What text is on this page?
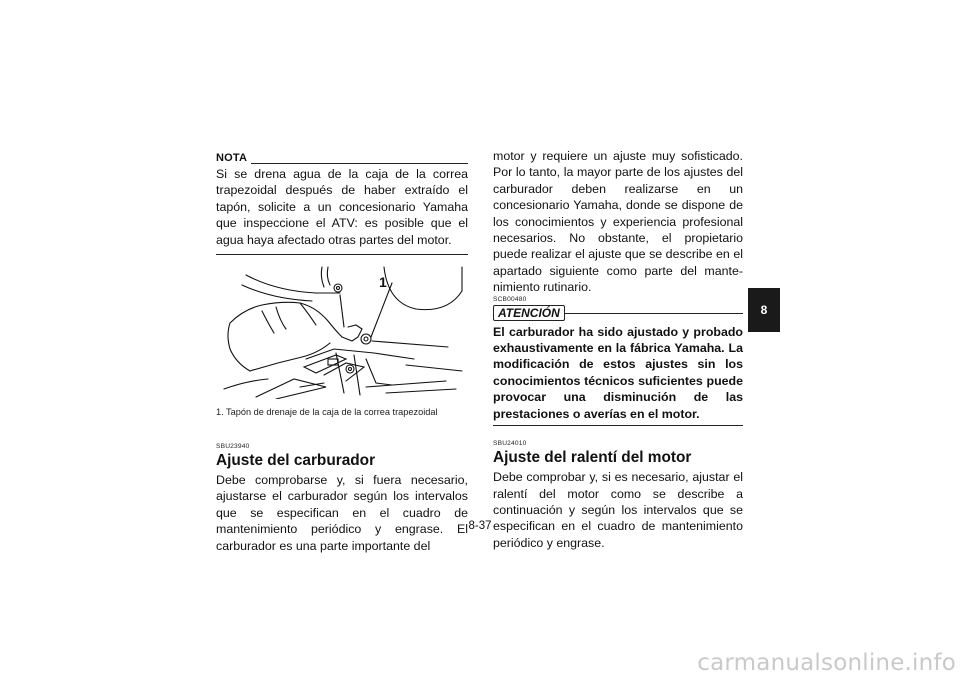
NOTA

Si se drena agua de la caja de la correa trapezoidal después de haber extraído el tapón, solicite a un concesionario Yamaha que inspeccione el ATV: es posible que el agua haya afectado otras partes del motor.

1
1. Tapón de drenaje de la caja de la correa trapezoidal
SBU23940
Ajuste del carburador

Debe comprobarse y, si fuera necesario, ajustarse el carburador según los intervalos que se especifican en el cuadro de mantenimiento periódico y engrase. El carburador es una parte importante del

motor y requiere un ajuste muy sofisticado. Por lo tanto, la mayor parte de los ajustes del carburador deben realizarse en un concesionario Yamaha, donde se dispone de los conocimientos y experiencia profesional necesarios. No obstante, el propietario puede realizar el ajuste que se describe en el apartado siguiente como parte del mantenimiento rutinario.

SCB00480
ATENCIÓN

El carburador ha sido ajustado y probado exhaustivamente en la fábrica Yamaha. La modificación de estos ajustes sin los conocimientos técnicos suficientes puede provocar una disminución de las prestaciones o averías en el motor.

SBU24010
Ajuste del ralentí del motor

Debe comprobar y, si es necesario, ajustar el ralentí del motor como se describe a continuación y según los intervalos que se especifican en el cuadro de mantenimiento periódico y engrase.

8
8-37
carmanualsonline.info
